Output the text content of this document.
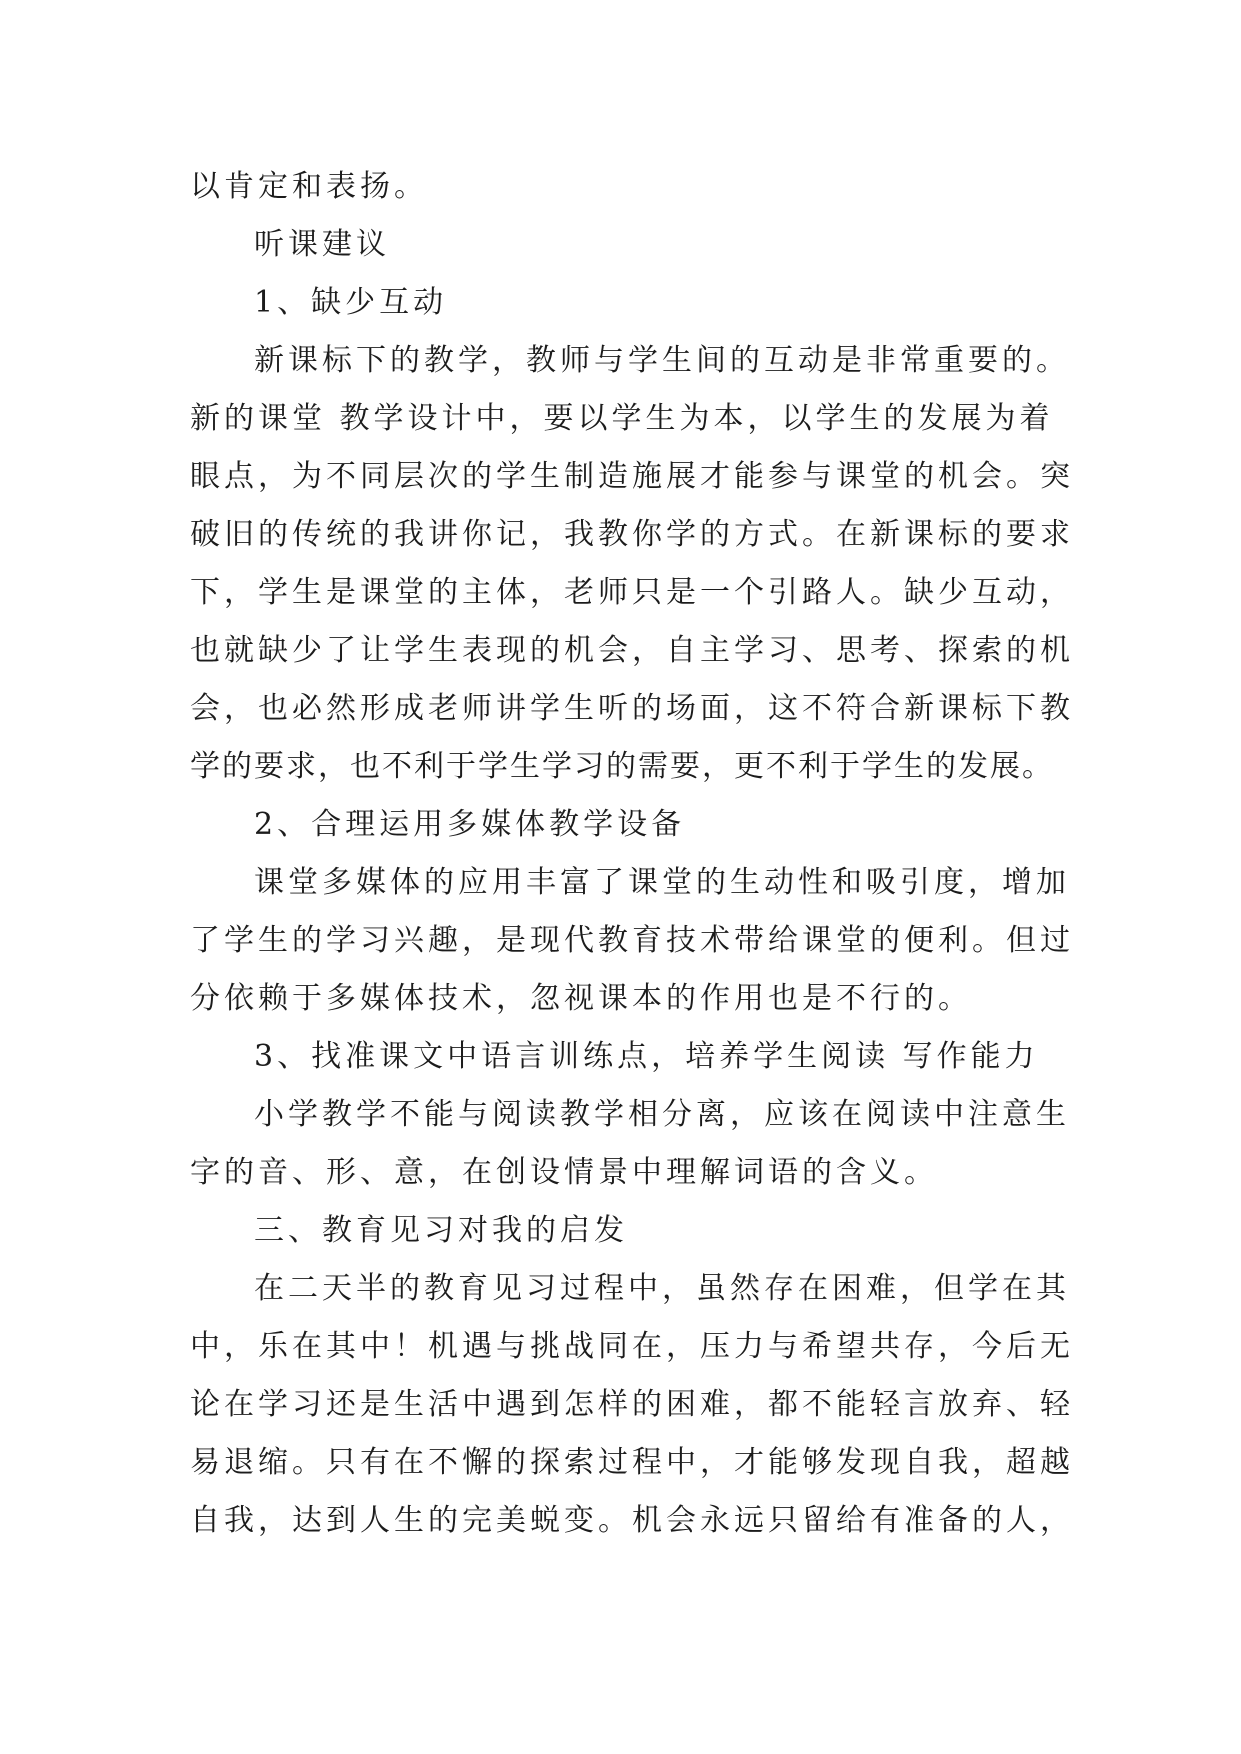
以肯定和表扬。
听课建议
1、缺少互动
新课标下的教学，教师与学生间的互动是非常重要的。
新的课堂 教学设计中，要以学生为本，以学生的发展为着
眼点，为不同层次的学生制造施展才能参与课堂的机会。突
破旧的传统的我讲你记，我教你学的方式。在新课标的要求
下，学生是课堂的主体，老师只是一个引路人。缺少互动，
也就缺少了让学生表现的机会，自主学习、思考、探索的机
会，也必然形成老师讲学生听的场面，这不符合新课标下教
学的要求，也不利于学生学习的需要，更不利于学生的发展。
2、合理运用多媒体教学设备
课堂多媒体的应用丰富了课堂的生动性和吸引度，增加
了学生的学习兴趣，是现代教育技术带给课堂的便利。但过
分依赖于多媒体技术，忽视课本的作用也是不行的。
3、找准课文中语言训练点，培养学生阅读 写作能力
小学教学不能与阅读教学相分离，应该在阅读中注意生
字的音、形、意，在创设情景中理解词语的含义。
三、教育见习对我的启发
在二天半的教育见习过程中，虽然存在困难，但学在其
中，乐在其中！机遇与挑战同在，压力与希望共存，今后无
论在学习还是生活中遇到怎样的困难，都不能轻言放弃、轻
易退缩。只有在不懈的探索过程中，才能够发现自我，超越
自我，达到人生的完美蜕变。机会永远只留给有准备的人，
